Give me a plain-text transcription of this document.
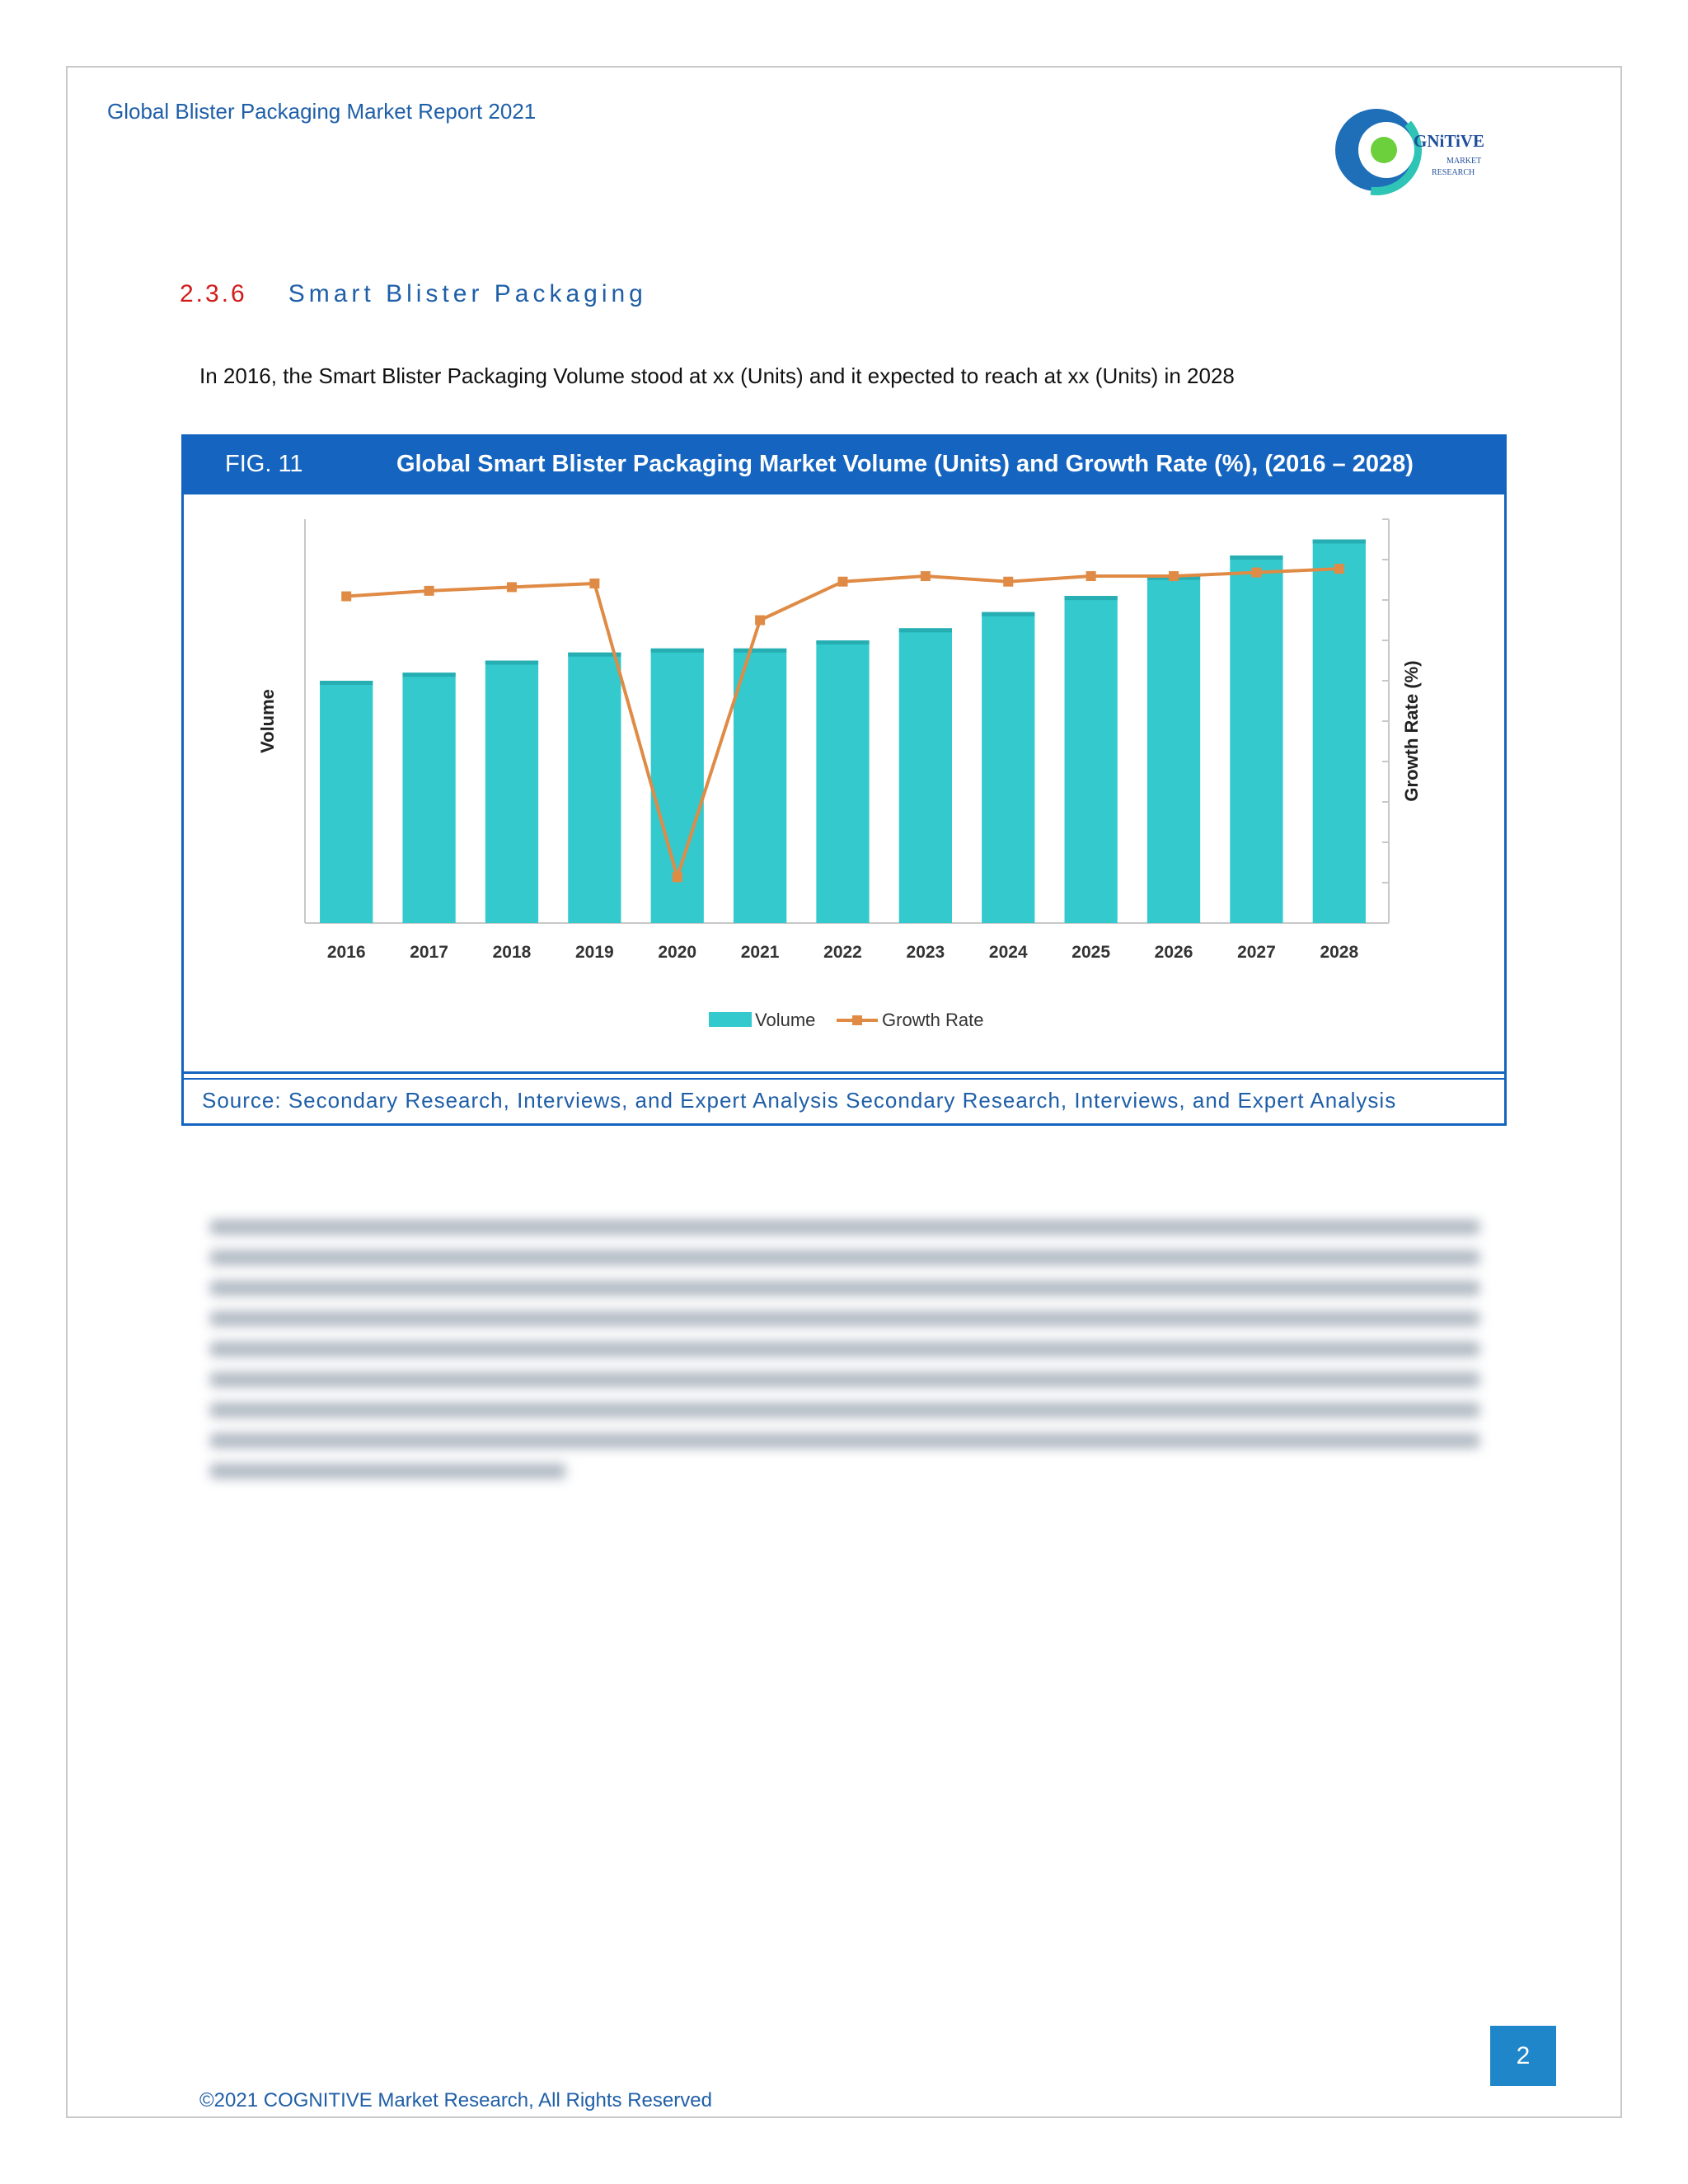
Global Blister Packaging Market Report 2021
GNiTiVE
MARKET
RESEARCH
2.3.6 Smart Blister Packaging
In 2016, the Smart Blister Packaging Volume stood at xx (Units) and it expected to reach at xx (Units) in 2028
FIG. 11	Global Smart Blister Packaging Market Volume (Units) and Growth Rate (%), (2016 – 2028)
Source: Secondary Research, Interviews, and Expert Analysis Secondary Research, Interviews, and Expert Analysis
2016	2017	2018	2019	2020	2021	2022	2023	2024	2025	2026	2027	2028
Volume	Growth Rate (%)
Volume	Growth Rate
2
©2021 COGNITIVE Market Research, All Rights Reserved
